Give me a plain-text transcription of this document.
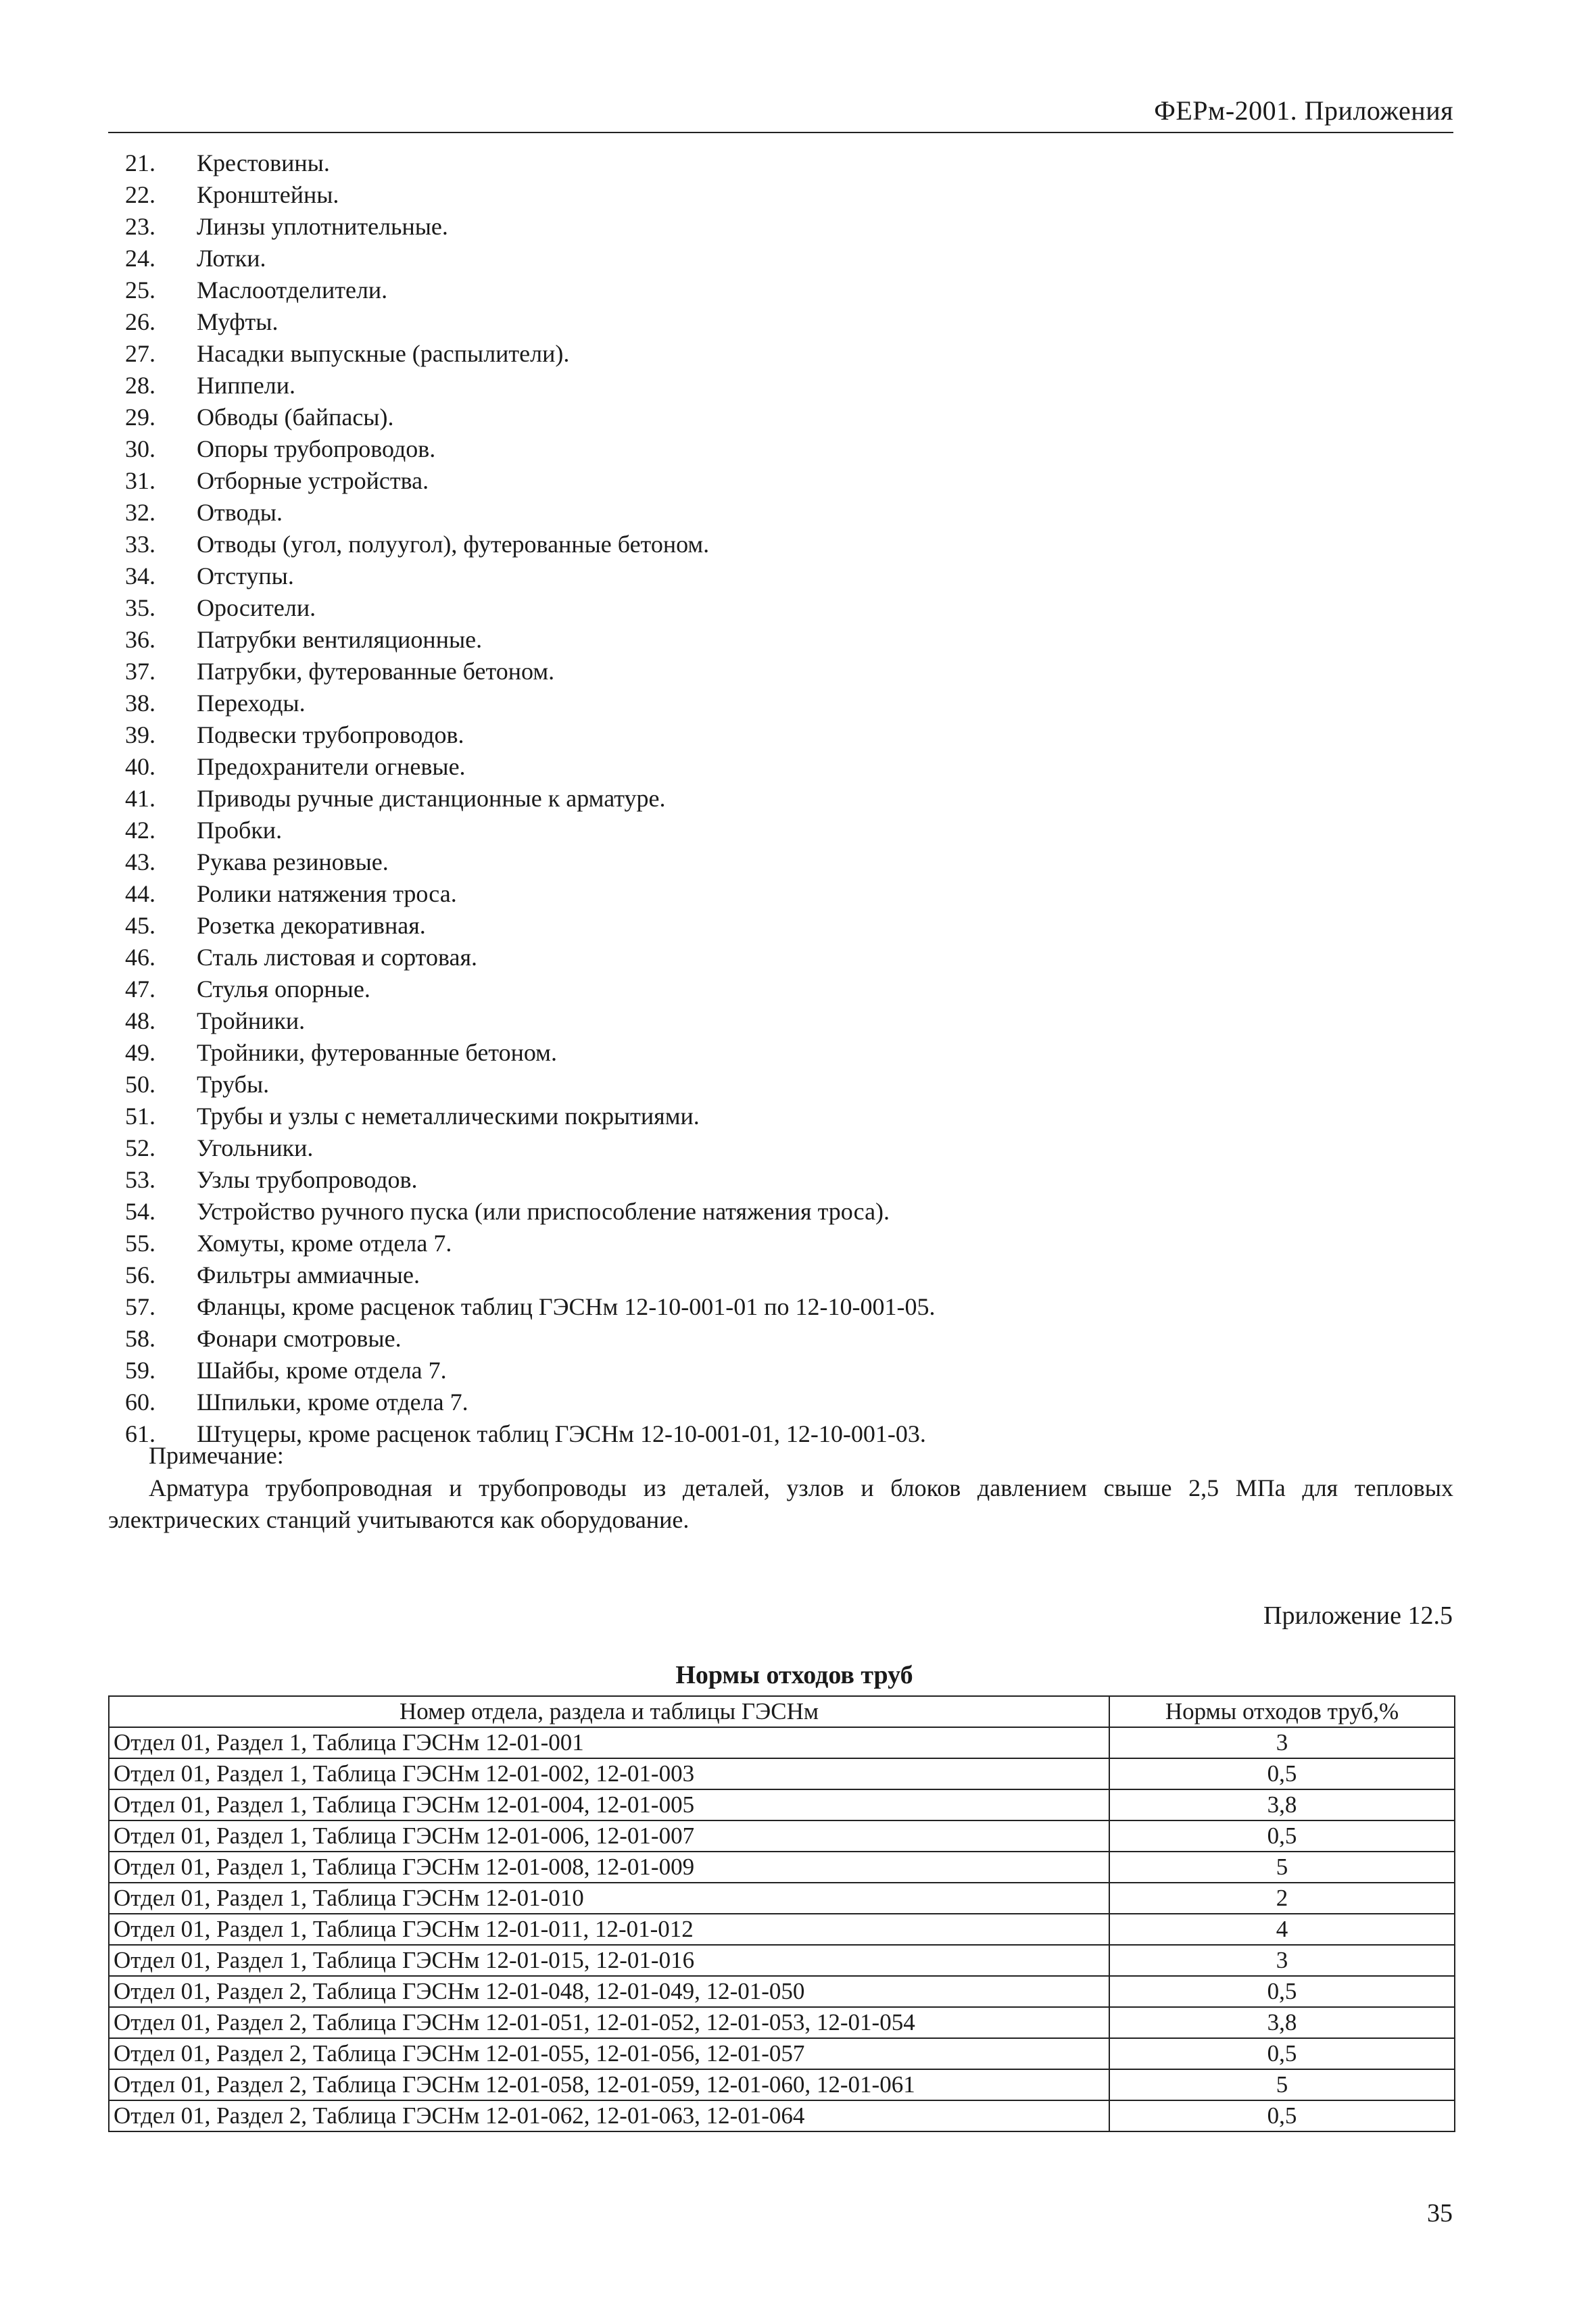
ФЕРм-2001. Приложения
21. Крестовины.
22. Кронштейны.
23. Линзы уплотнительные.
24. Лотки.
25. Маслоотделители.
26. Муфты.
27. Насадки выпускные (распылители).
28. Ниппели.
29. Обводы (байпасы).
30. Опоры трубопроводов.
31. Отборные устройства.
32. Отводы.
33. Отводы (угол, полуугол), футерованные бетоном.
34. Отступы.
35. Оросители.
36. Патрубки вентиляционные.
37. Патрубки, футерованные бетоном.
38. Переходы.
39. Подвески трубопроводов.
40. Предохранители огневые.
41. Приводы ручные дистанционные к арматуре.
42. Пробки.
43. Рукава резиновые.
44. Ролики натяжения троса.
45. Розетка декоративная.
46. Сталь листовая и сортовая.
47. Стулья опорные.
48. Тройники.
49. Тройники, футерованные бетоном.
50. Трубы.
51. Трубы и узлы с неметаллическими покрытиями.
52. Угольники.
53. Узлы трубопроводов.
54. Устройство ручного пуска (или приспособление натяжения троса).
55. Хомуты, кроме отдела 7.
56. Фильтры аммиачные.
57. Фланцы, кроме расценок таблиц ГЭСНм 12-10-001-01 по 12-10-001-05.
58. Фонари смотровые.
59. Шайбы, кроме отдела 7.
60. Шпильки, кроме отдела 7.
61. Штуцеры, кроме расценок таблиц ГЭСНм 12-10-001-01, 12-10-001-03.
Примечание:
Арматура трубопроводная и трубопроводы из деталей, узлов и блоков давлением свыше 2,5 МПа для тепловых электрических станций учитываются как оборудование.
Приложение 12.5
Нормы отходов труб
Номер отдела, раздела и таблицы ГЭСНм	Нормы отходов труб,%
Отдел 01, Раздел 1, Таблица ГЭСНм 12-01-001	3
Отдел 01, Раздел 1, Таблица ГЭСНм 12-01-002, 12-01-003	0,5
Отдел 01, Раздел 1, Таблица ГЭСНм 12-01-004, 12-01-005	3,8
Отдел 01, Раздел 1, Таблица ГЭСНм 12-01-006, 12-01-007	0,5
Отдел 01, Раздел 1, Таблица ГЭСНм 12-01-008, 12-01-009	5
Отдел 01, Раздел 1, Таблица ГЭСНм 12-01-010	2
Отдел 01, Раздел 1, Таблица ГЭСНм 12-01-011, 12-01-012	4
Отдел 01, Раздел 1, Таблица ГЭСНм 12-01-015, 12-01-016	3
Отдел 01, Раздел 2, Таблица ГЭСНм 12-01-048, 12-01-049, 12-01-050	0,5
Отдел 01, Раздел 2, Таблица ГЭСНм 12-01-051, 12-01-052, 12-01-053, 12-01-054	3,8
Отдел 01, Раздел 2, Таблица ГЭСНм 12-01-055, 12-01-056, 12-01-057	0,5
Отдел 01, Раздел 2, Таблица ГЭСНм 12-01-058, 12-01-059, 12-01-060, 12-01-061	5
Отдел 01, Раздел 2, Таблица ГЭСНм 12-01-062, 12-01-063, 12-01-064	0,5
35
